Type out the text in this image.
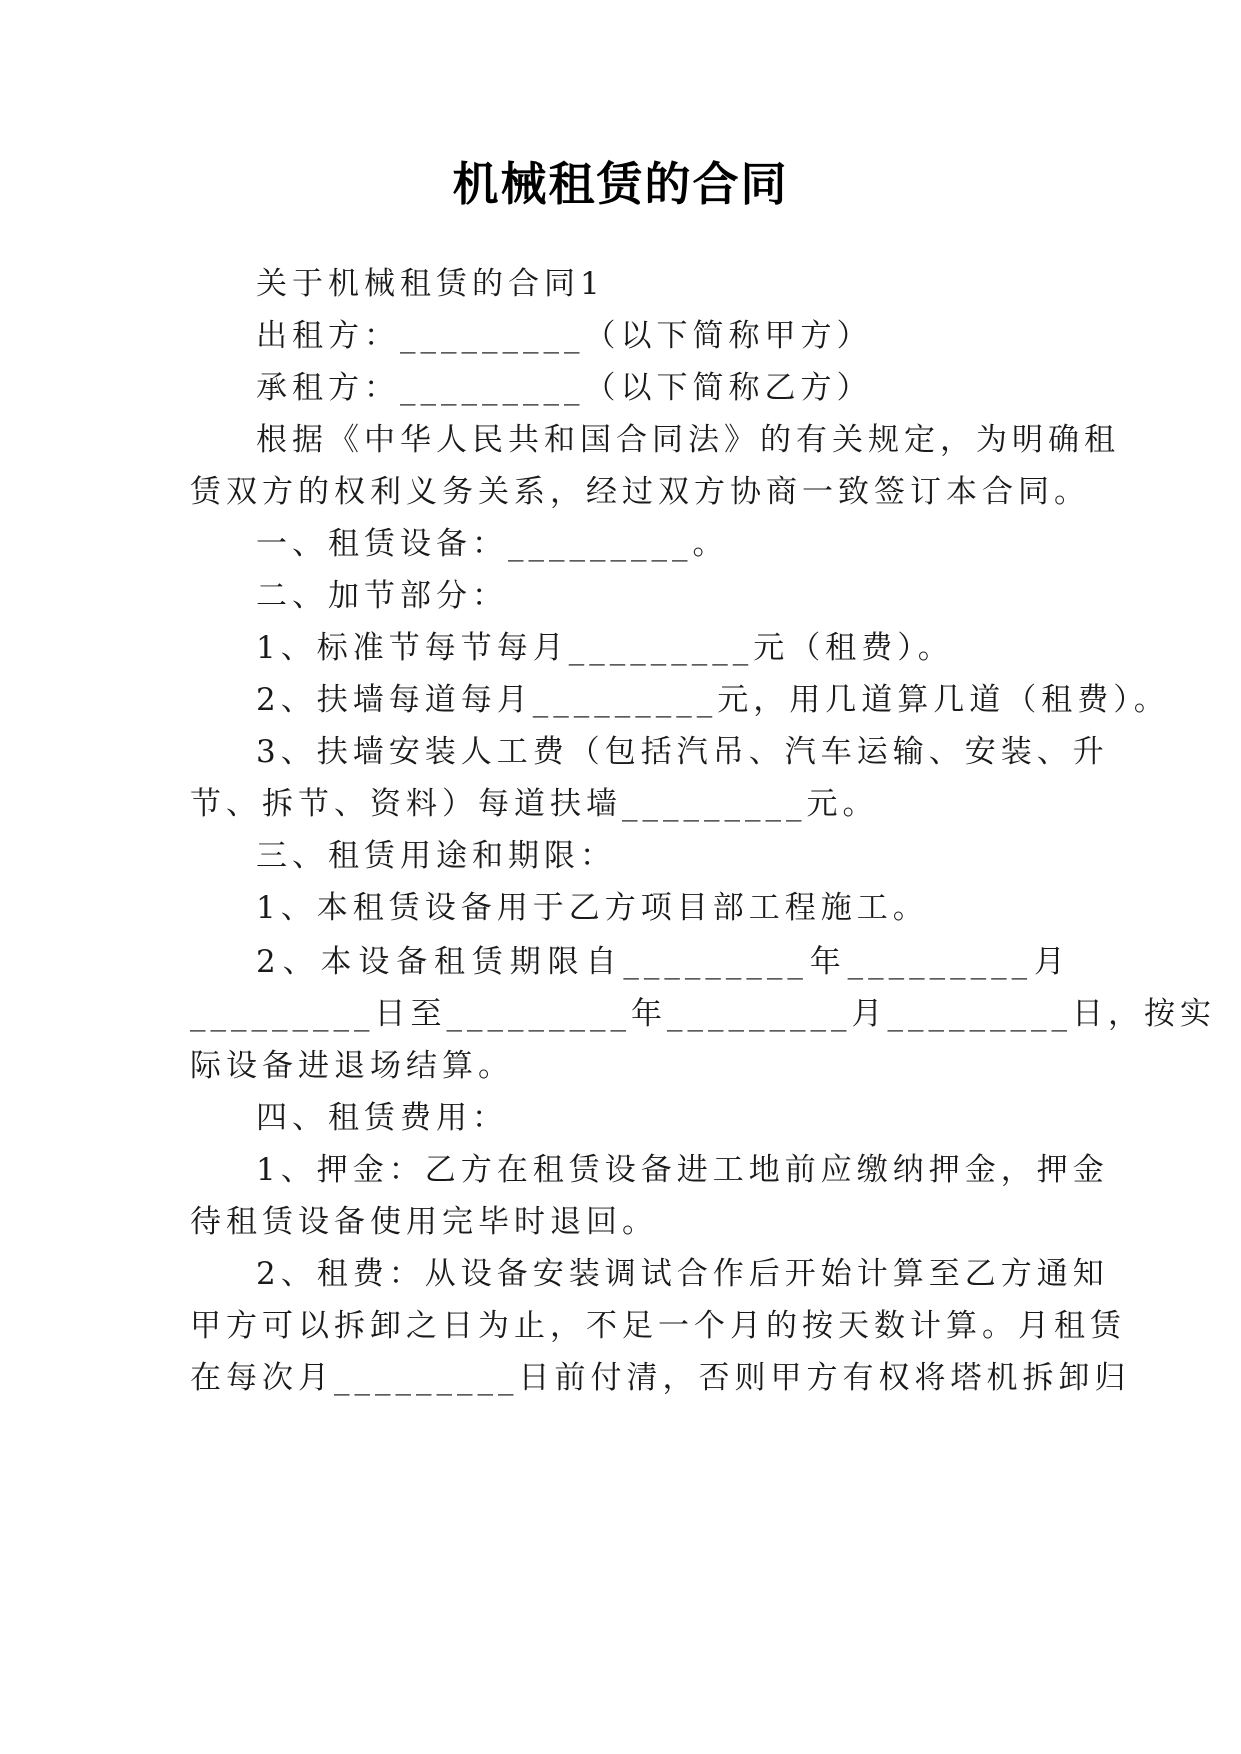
机械租赁的合同
关于机械租赁的合同1
出租方：_________（以下简称甲方）
承租方：_________（以下简称乙方）
根据《中华人民共和国合同法》的有关规定，为明确租
赁双方的权利义务关系，经过双方协商一致签订本合同。
一、租赁设备：_________。
二、加节部分：
1、标准节每节每月_________元（租费）。
2、扶墙每道每月_________元，用几道算几道（租费）。
3、扶墙安装人工费（包括汽吊、汽车运输、安装、升
节、拆节、资料）每道扶墙_________元。
三、租赁用途和期限：
1、本租赁设备用于乙方项目部工程施工。
2、本设备租赁期限自_________年_________月
_________日至_________年_________月_________日，按实
际设备进退场结算。
四、租赁费用：
1、押金：乙方在租赁设备进工地前应缴纳押金，押金
待租赁设备使用完毕时退回。
2、租费：从设备安装调试合作后开始计算至乙方通知
甲方可以拆卸之日为止，不足一个月的按天数计算。月租赁
在每次月_________日前付清，否则甲方有权将塔机拆卸归
